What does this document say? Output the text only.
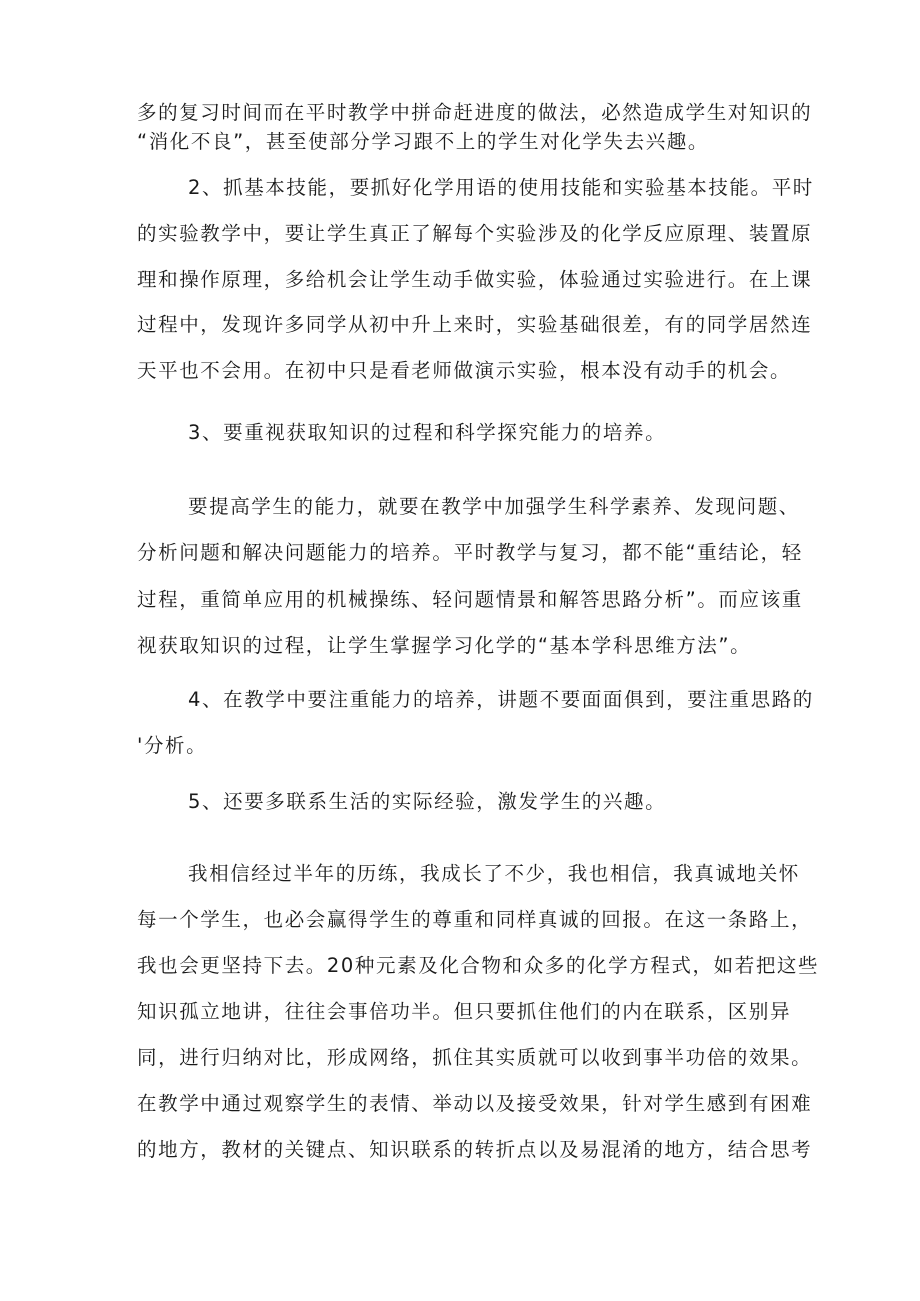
多的复习时间而在平时教学中拼命赶进度的做法，必然造成学生对知识的
“消化不良”，甚至使部分学习跟不上的学生对化学失去兴趣。
2、抓基本技能，要抓好化学用语的使用技能和实验基本技能。平时
的实验教学中，要让学生真正了解每个实验涉及的化学反应原理、装置原
理和操作原理，多给机会让学生动手做实验，体验通过实验进行。在上课
过程中，发现许多同学从初中升上来时，实验基础很差，有的同学居然连
天平也不会用。在初中只是看老师做演示实验，根本没有动手的机会。
3、要重视获取知识的过程和科学探究能力的培养。
要提高学生的能力，就要在教学中加强学生科学素养、发现问题、
分析问题和解决问题能力的培养。平时教学与复习，都不能“重结论，轻
过程，重简单应用的机械操练、轻问题情景和解答思路分析”。而应该重
视获取知识的过程，让学生掌握学习化学的“基本学科思维方法”。
4、在教学中要注重能力的培养，讲题不要面面俱到，要注重思路的
'分析。
5、还要多联系生活的实际经验，激发学生的兴趣。
我相信经过半年的历练，我成长了不少，我也相信，我真诚地关怀
每一个学生，也必会赢得学生的尊重和同样真诚的回报。在这一条路上，
我也会更坚持下去。20种元素及化合物和众多的化学方程式，如若把这些
知识孤立地讲，往往会事倍功半。但只要抓住他们的内在联系，区别异
同，进行归纳对比，形成网络，抓住其实质就可以收到事半功倍的效果。
在教学中通过观察学生的表情、举动以及接受效果，针对学生感到有困难
的地方，教材的关键点、知识联系的转折点以及易混淆的地方，结合思考
